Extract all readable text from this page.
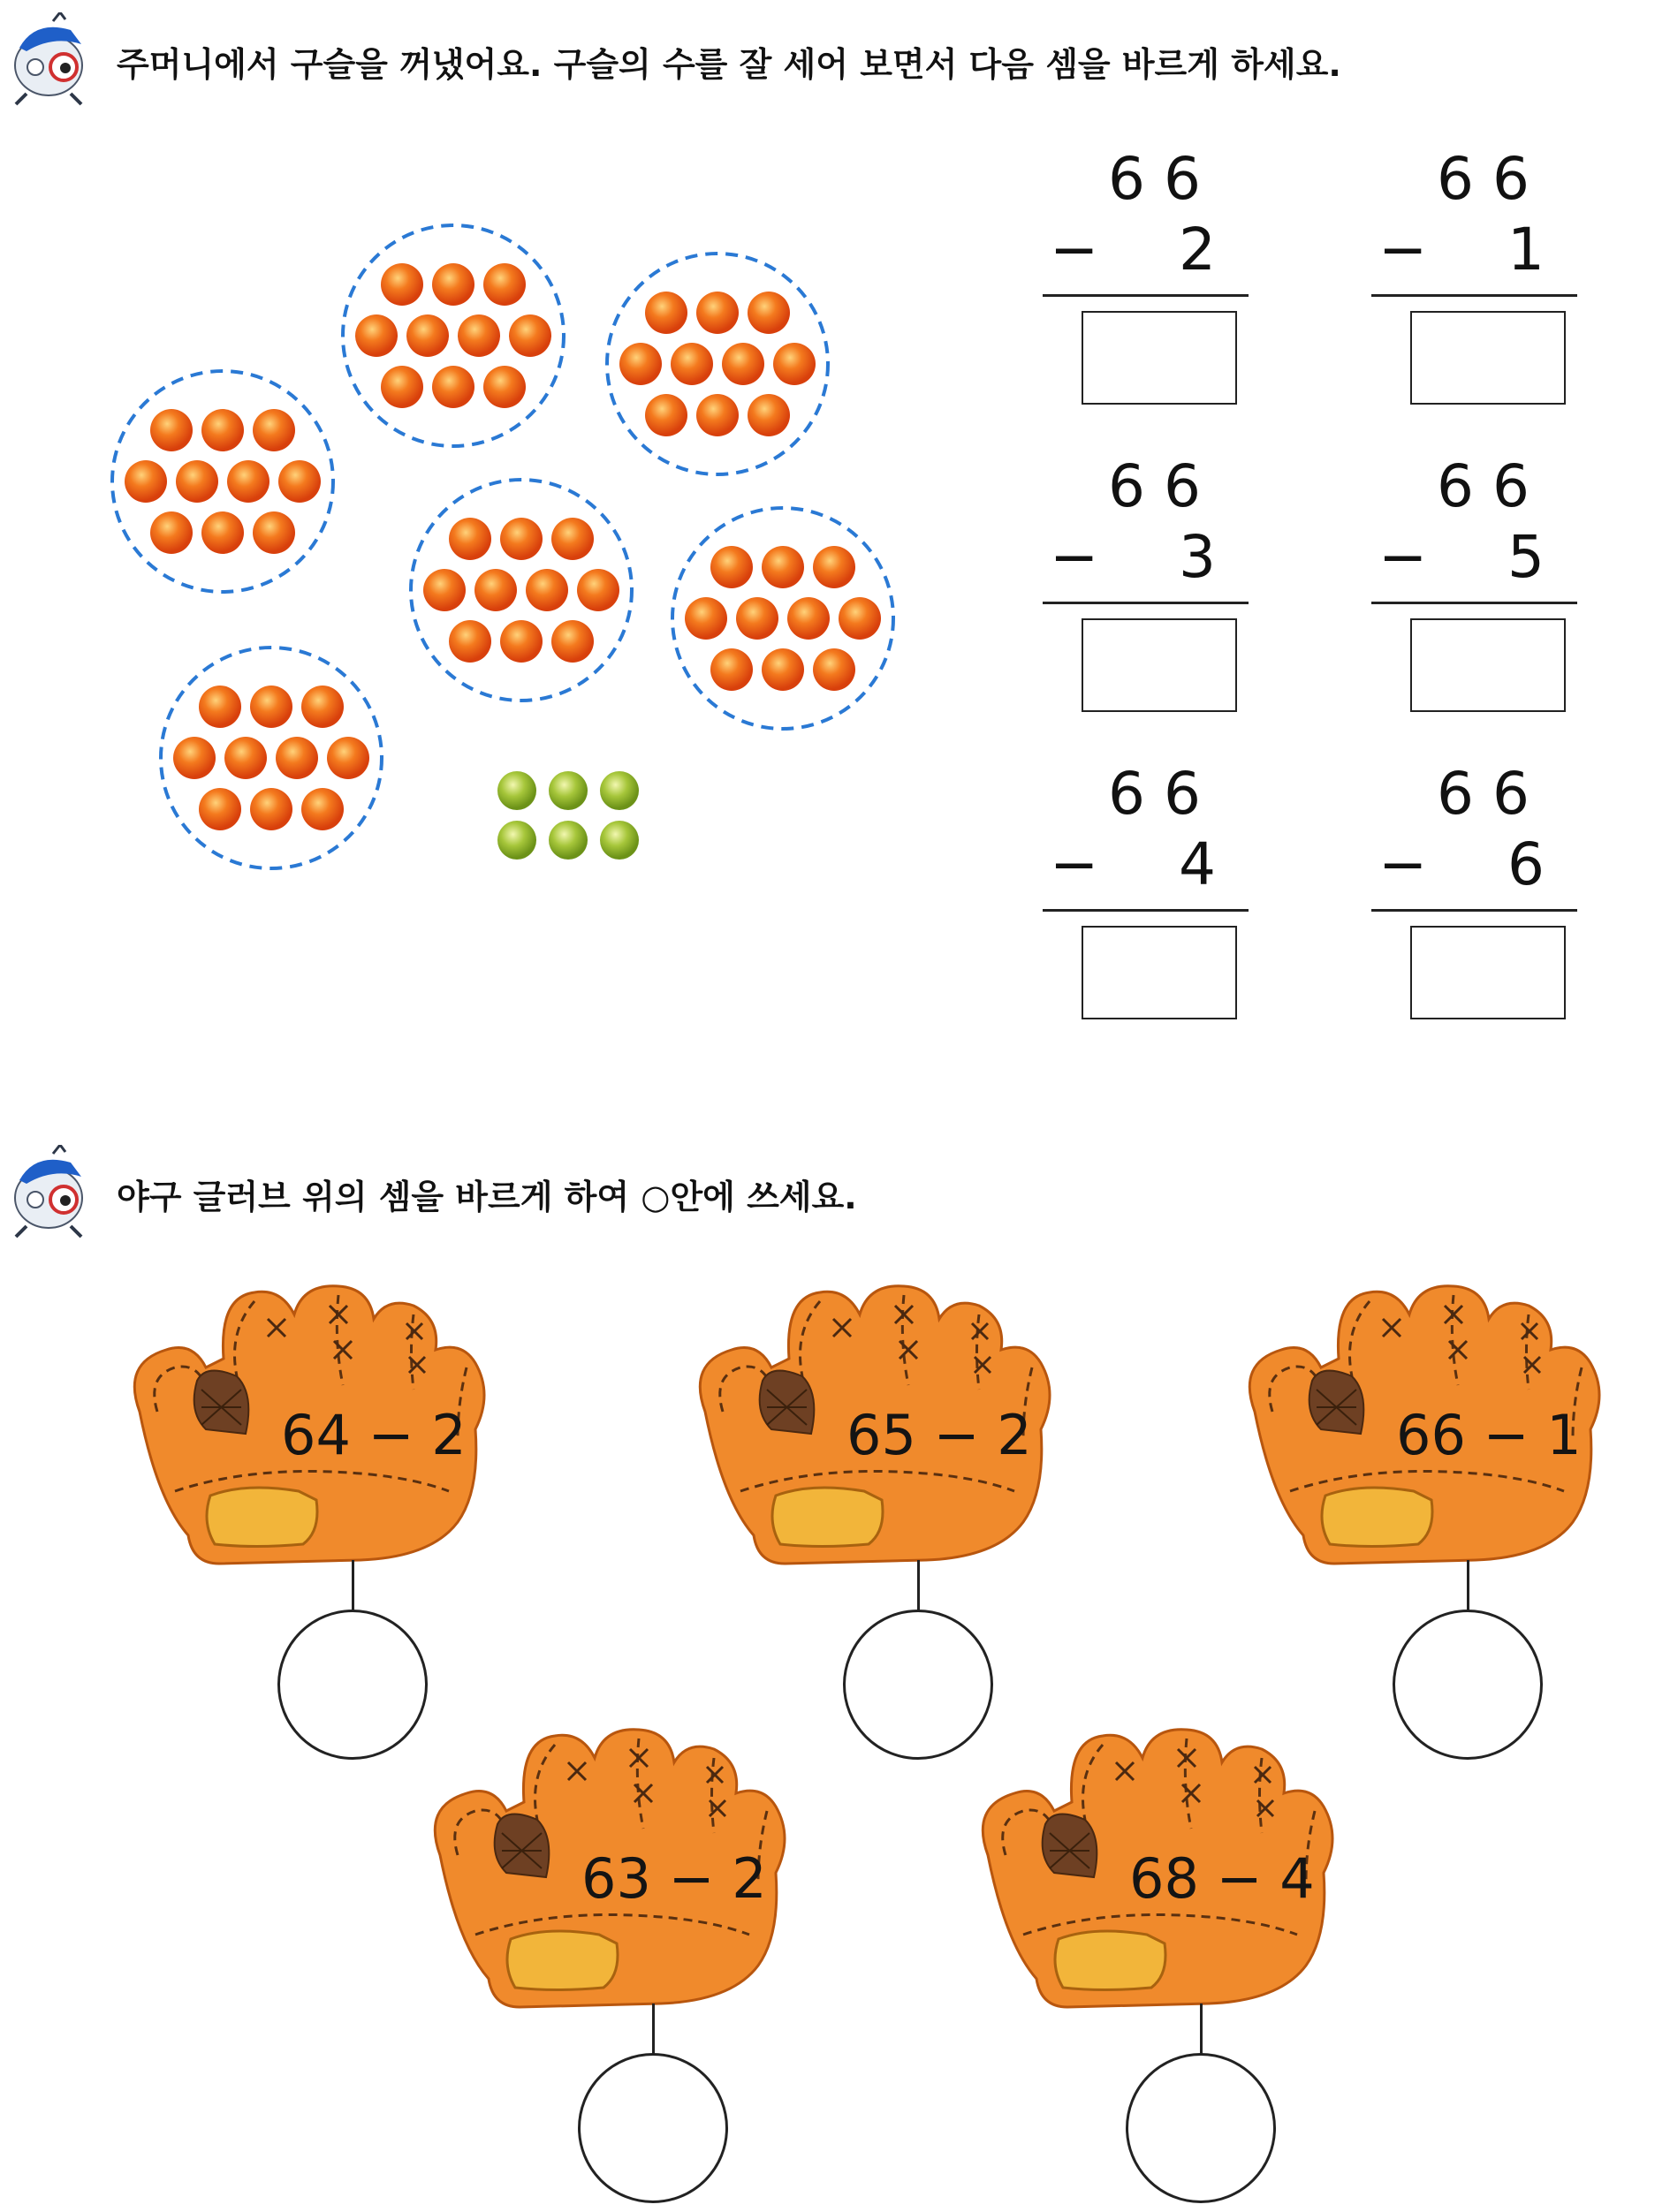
주머니에서 구슬을 꺼냈어요. 구슬의 수를 잘 세어 보면서 다음 셈을 바르게 하세요.
6 6
− 2
6 6
− 1
6 6
− 3
6 6
− 5
6 6
− 4
6 6
− 6
야구 글러브 위의 셈을 바르게 하여 ○안에 쓰세요.
64 − 2	65 − 2	66 − 1
63 − 2	68 − 4
